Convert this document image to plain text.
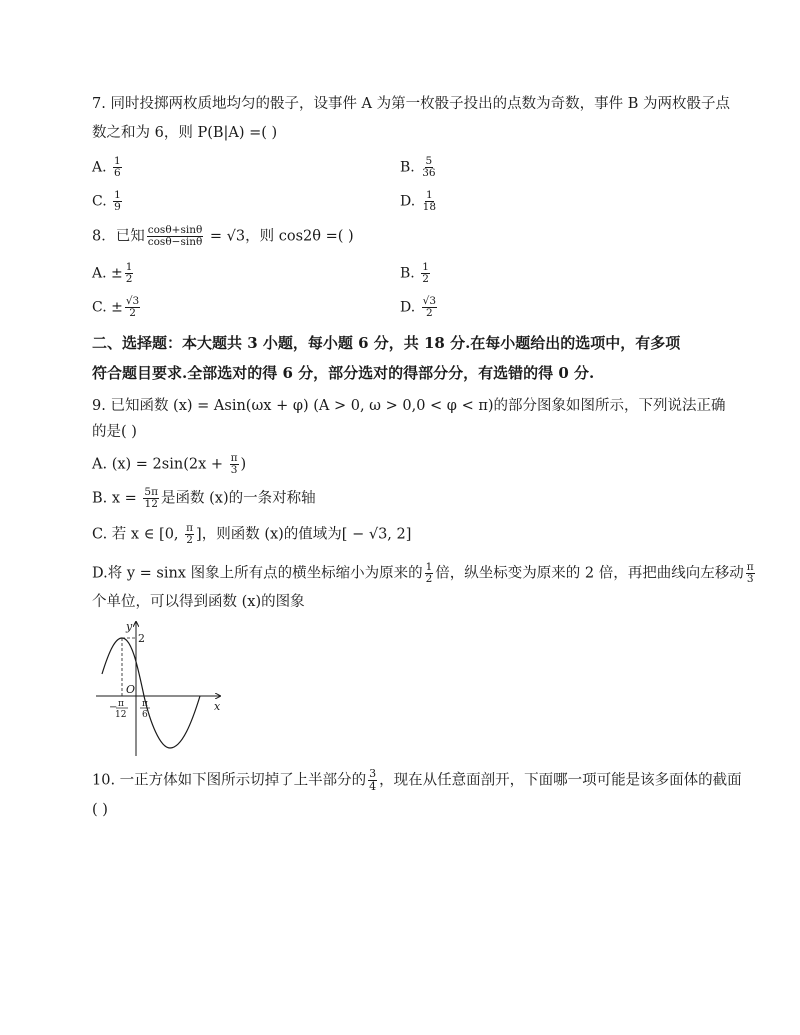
7. 同时投掷两枚质地均匀的骰子，设事件 A 为第一枚骰子投出的点数为奇数，事件 B 为两枚骰子点
数之和为 6，则 P(B|A) =( )
A. $\frac{1}{6}$	B. $\frac{5}{36}$
C. $\frac{1}{9}$	D. $\frac{1}{18}$
8．已知 $\frac{\cos\theta+\sin\theta}{\cos\theta-\sin\theta} = √3$，则 cos2θ =( )
A. ± $\frac{1}{2}$	B. $\frac{1}{2}$
C. ± $\frac{√3}{2}$	D. $\frac{√3}{2}$
二、选择题：本大题共 3 小题，每小题 6 分，共 18 分.在每小题给出的选项中，有多项
符合题目要求.全部选对的得 6 分，部分选对的得部分分，有选错的得 0 分.
9. 已知函数 (x) = Asin(ωx + φ) (A > 0, ω > 0,0 < φ < π)的部分图象如图所示，下列说法正确
的是( )
A. $(x) = 2\sin(2x + \frac{\pi}{3}$ )
B. $x = \frac{5\pi}{12}$ 是函数 (x)的一条对称轴
C. 若 x ∈ [0, $\frac{\pi}{2}$ ]，则函数 (x)的值域为[ − √3, 2]
D.将 y = sinx 图象上所有点的横坐标缩小为原来的 $\frac{1}{2}$ 倍，纵坐标变为原来的 2 倍，再把曲线向左移动 $\frac{\pi}{3}$
个单位，可以得到函数 (x)的图象
y
x
O
2
− π
12
π
6
10. 一正方体如下图所示切掉了上半部分的 $\frac{3}{4}$ ，现在从任意面剖开，下面哪一项可能是该多面体的截面
( )
